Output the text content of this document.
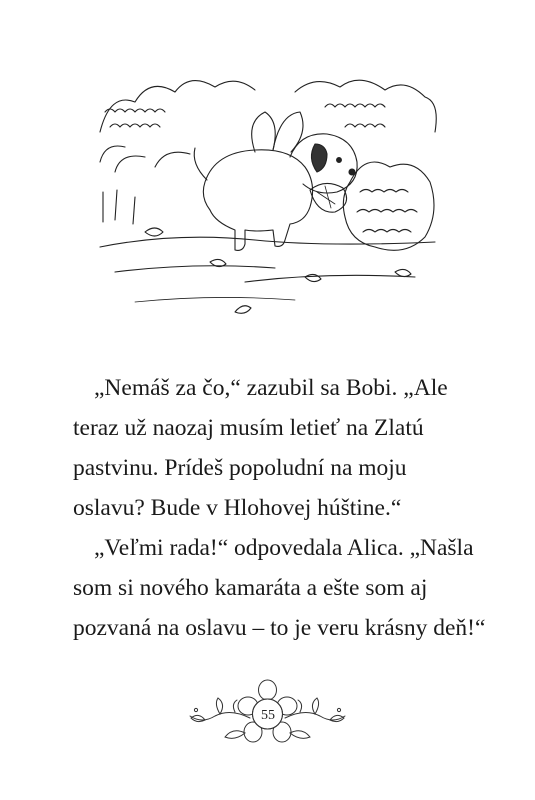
„Nemáš za čo,“ zazubil sa Bobi. „Ale
teraz už naozaj musím letieť na Zlatú
pastvinu. Prídeš popoludní na moju
oslavu? Bude v Hlohovej húštine.“

„Veľmi rada!“ odpovedala Alica. „Našla
som si nového kamaráta a ešte som aj
pozvaná na oslavu – to je veru krásny deň!“

55
